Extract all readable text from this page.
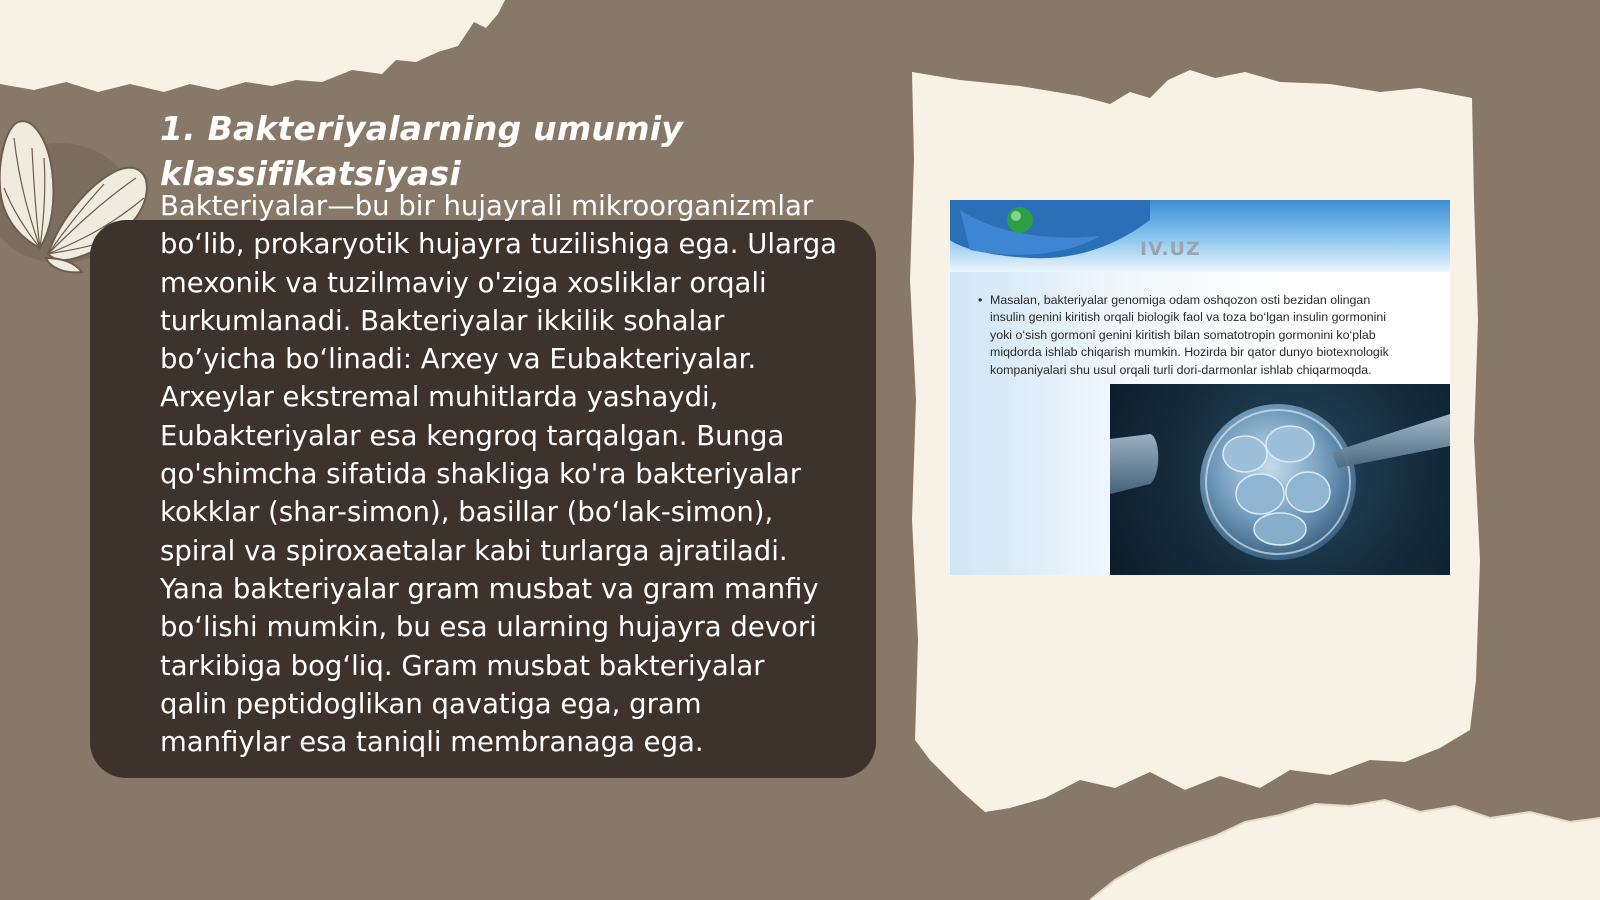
1. Bakteriyalarning umumiy klassifikatsiyasi

Bakteriyalar—bu bir hujayrali mikroorganizmlar bo‘lib, prokaryotik hujayra tuzilishiga ega. Ularga mexonik va tuzilmaviy o'ziga xosliklar orqali turkumlanadi. Bakteriyalar ikkilik sohalar bo’yicha bo‘linadi: Arxey va Eubakteriyalar. Arxeylar ekstremal muhitlarda yashaydi, Eubakteriyalar esa kengroq tarqalgan. Bunga qo'shimcha sifatida shakliga ko'ra bakteriyalar kokklar (shar-simon), basillar (bo‘lak-simon), spiral va spiroxaetalar kabi turlarga ajratiladi. Yana bakteriyalar gram musbat va gram manfiy bo‘lishi mumkin, bu esa ularning hujayra devori tarkibiga bog‘liq. Gram musbat bakteriyalar qalin peptidoglikan qavatiga ega, gram manfiylar esa taniqli membranaga ega.

IV.UZ

• Masalan, bakteriyalar genomiga odam oshqozon osti bezidan olingan insulin genini kiritish orqali biologik faol va toza bo‘lgan insulin gormonini yoki o‘sish gormoni genini kiritish bilan somatotropin gormonini ko‘plab miqdorda ishlab chiqarish mumkin. Hozirda bir qator dunyo biotexnologik kompaniyalari shu usul orqali turli dori-darmonlar ishlab chiqarmoqda.
